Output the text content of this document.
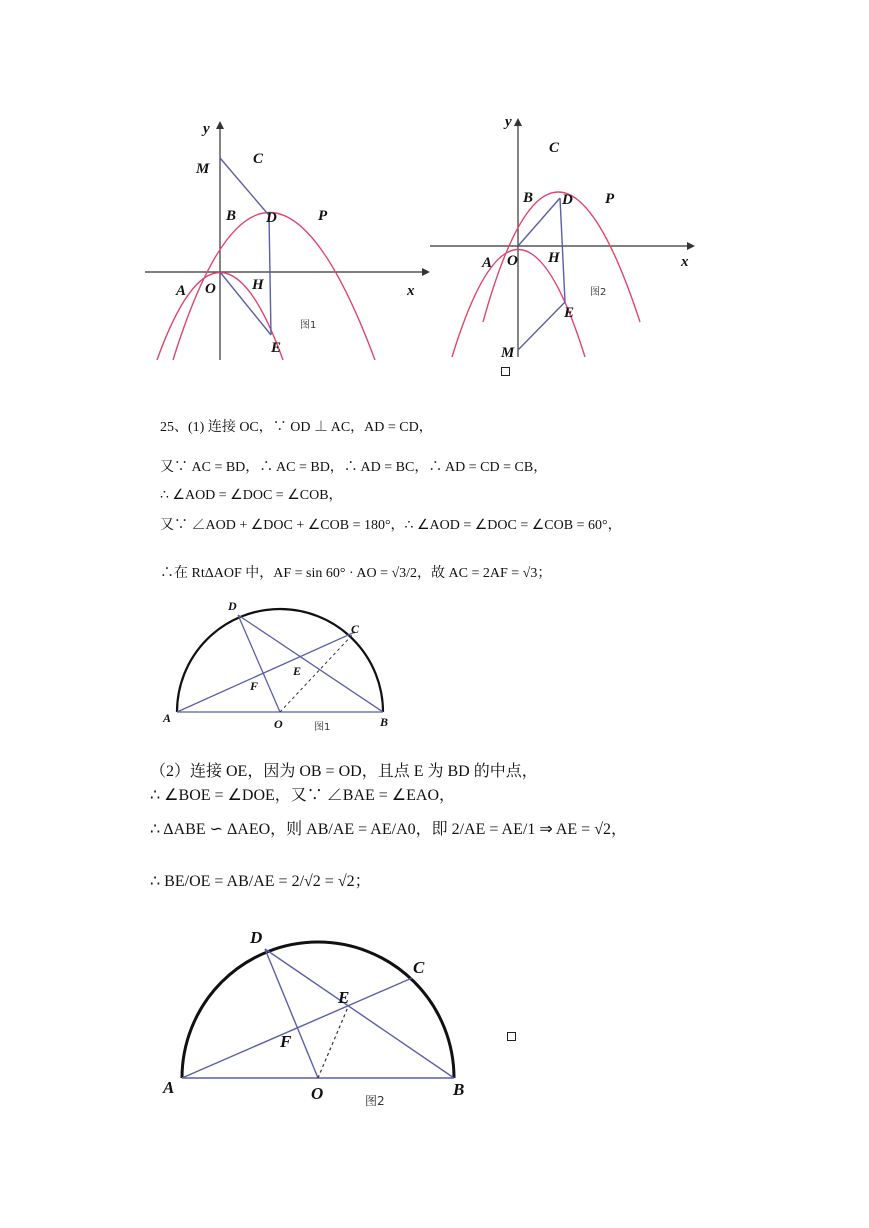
y
x
M
C
B D	P
A O H
E
图1
y
x
C
B D P
A O H
E
M
图2
25、(1) 连接 OC，∵ OD ⊥ AC，AD = CD，
又∵ AC = BD，∴ AC = BD，∴ AD = BC，∴ AD = CD = CB，
∴ ∠AOD = ∠DOC = ∠COB，
又∵ ∠AOD + ∠DOC + ∠COB = 180°，∴ ∠AOD = ∠DOC = ∠COB = 60°，
∴在 RtΔAOF 中，AF = sin 60° · AO = √3/2，故 AC = 2AF = √3；
D
C
E
F
A	O	B
图1
（2）连接 OE，因为 OB = OD，且点 E 为 BD 的中点，
∴ ∠BOE = ∠DOE，又∵ ∠BAE = ∠EAO，
∴ ΔABE ∽ ΔAEO，则 AB/AE = AE/A0，即 2/AE = AE/1 ⇒ AE = √2，
∴ BE/OE = AB/AE = 2/√2 = √2；
D
C
E
F
A	O	B
图2
